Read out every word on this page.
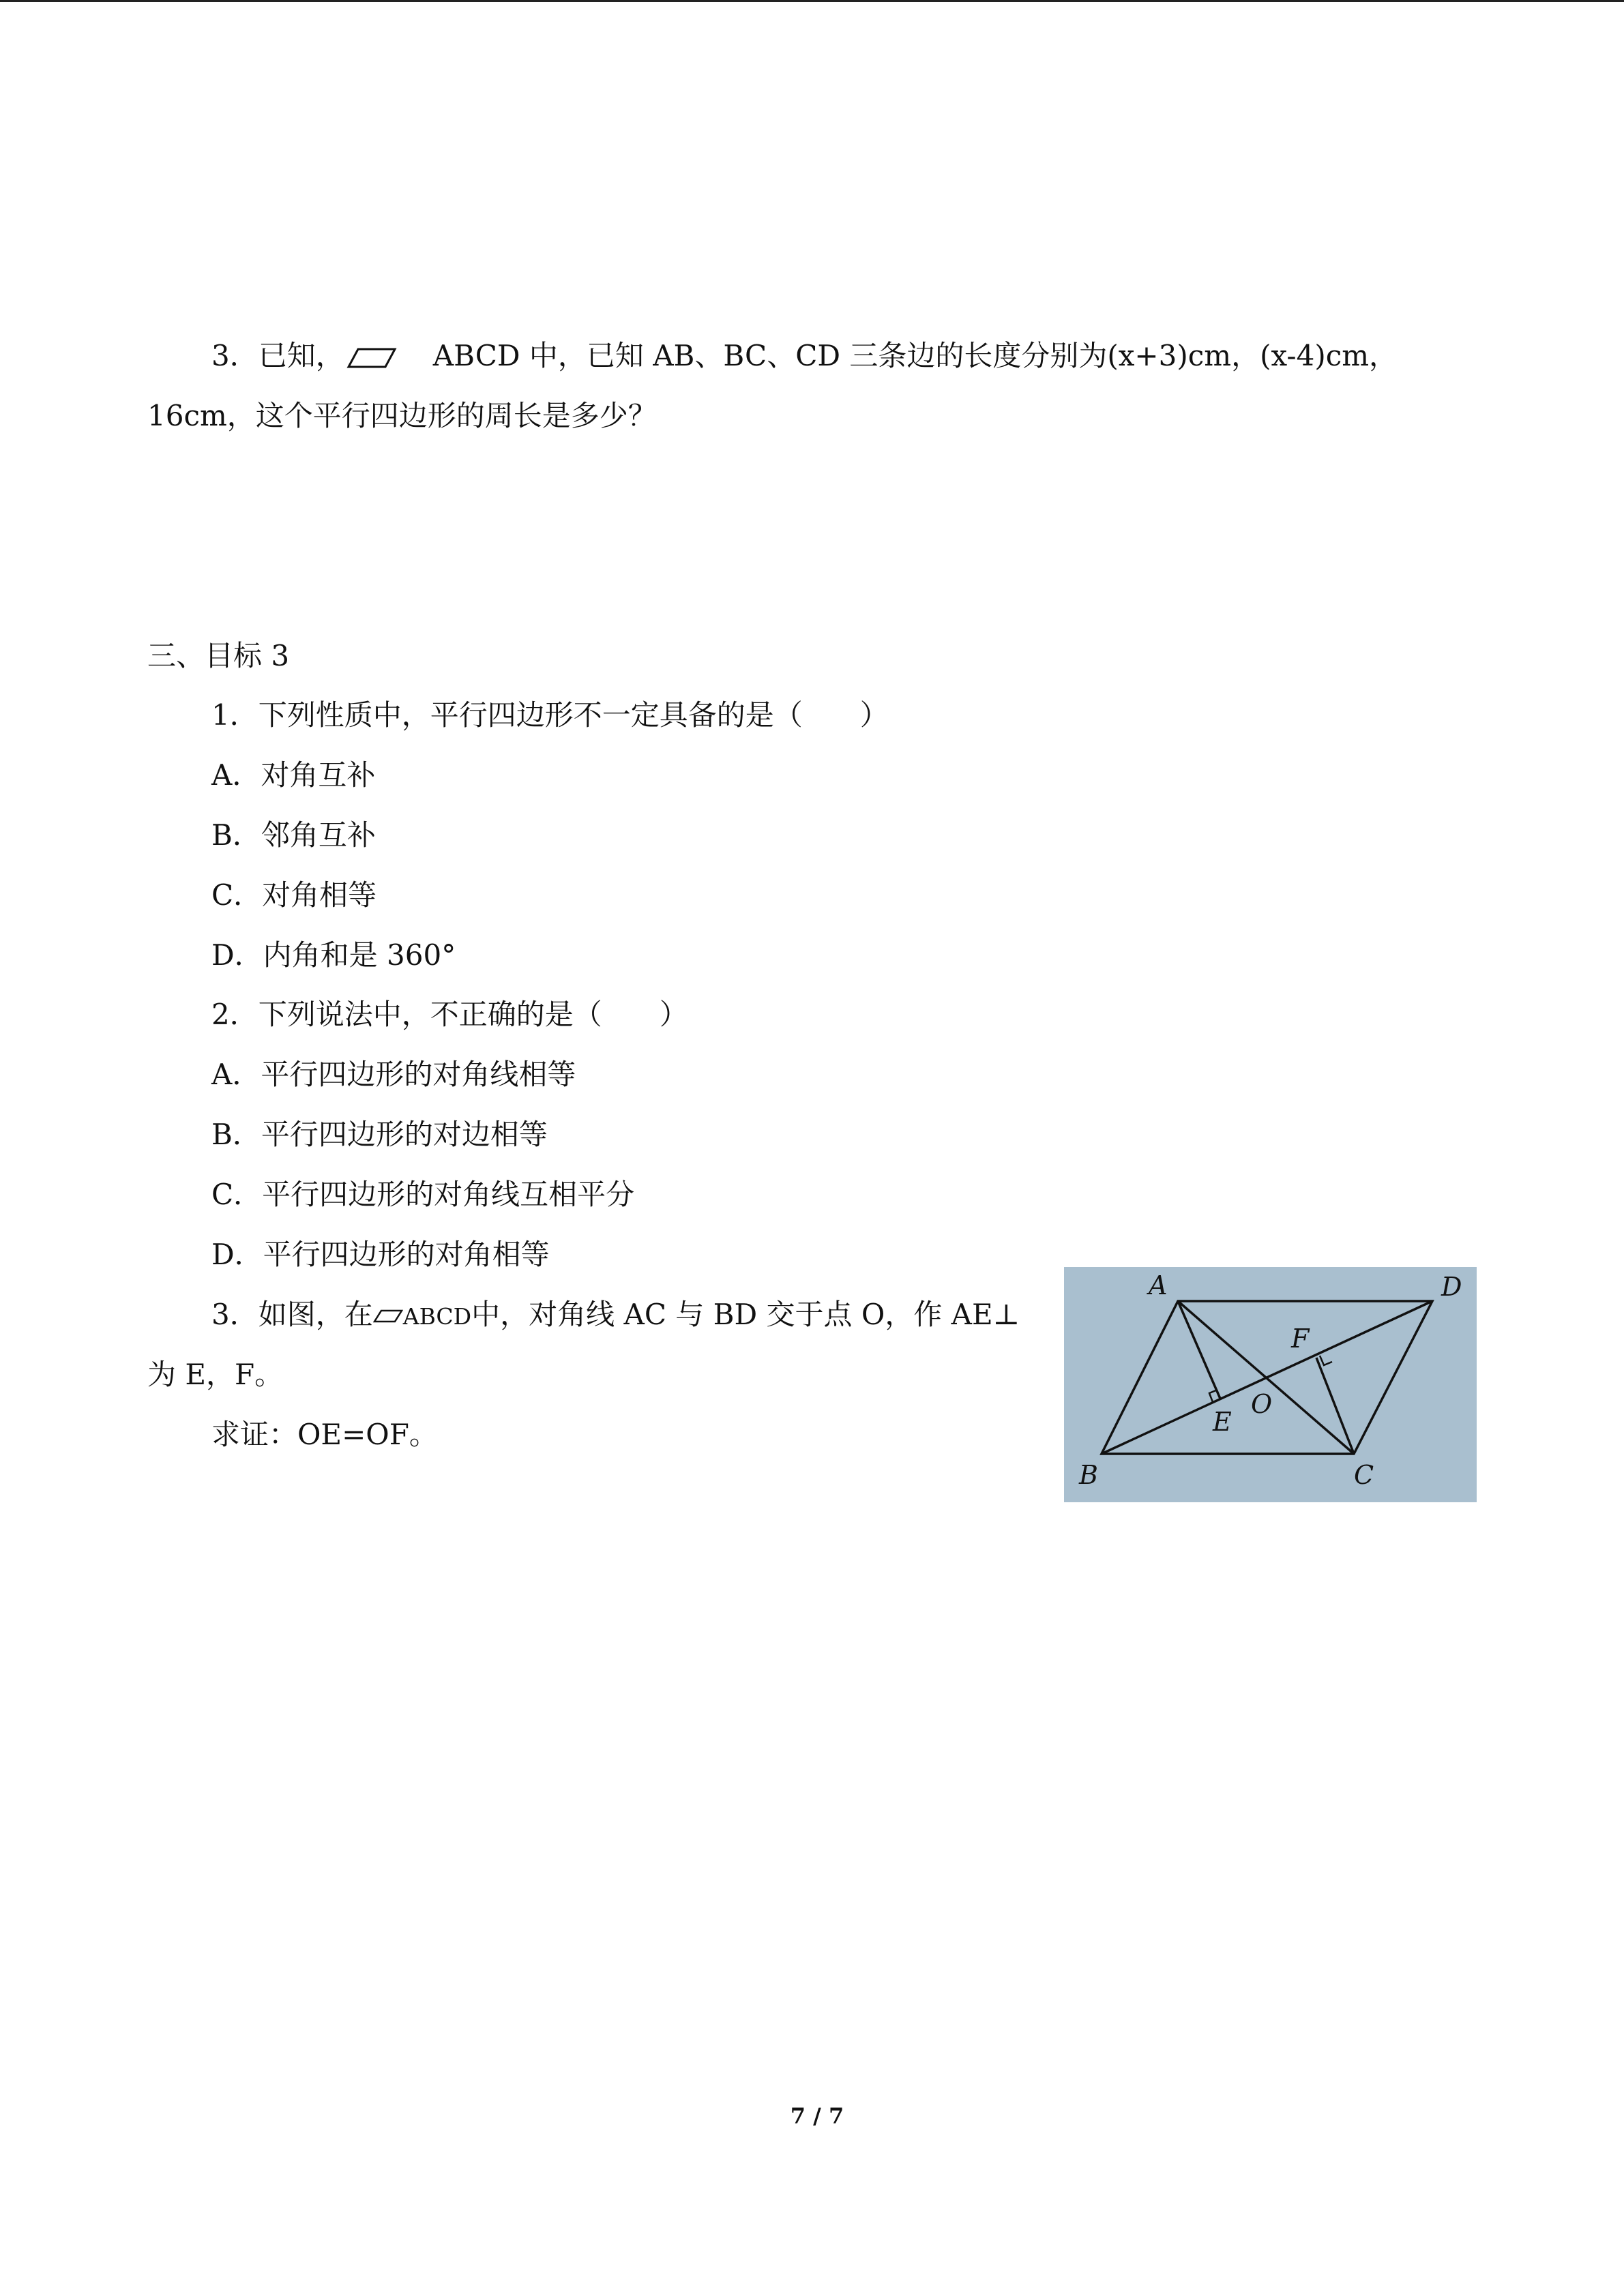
3．已知，	ABCD 中，已知 AB、BC、CD 三条边的长度分别为(x+3)cm，(x-4)cm，
16cm，这个平行四边形的周长是多少？
三、目标 3
1．下列性质中，平行四边形不一定具备的是（　　）
A．对角互补
B．邻角互补
C．对角相等
D．内角和是 360°
2．下列说法中，不正确的是（　　）
A．平行四边形的对角线相等
B．平行四边形的对边相等
C．平行四边形的对角线互相平分
D．平行四边形的对角相等
3．如图，在 ABCD中，对角线 AC 与 BD 交于点 O，作 AE⊥
为 E，F。
求证：OE=OF。
A	D
B	C
E
F
O
7 / 7
